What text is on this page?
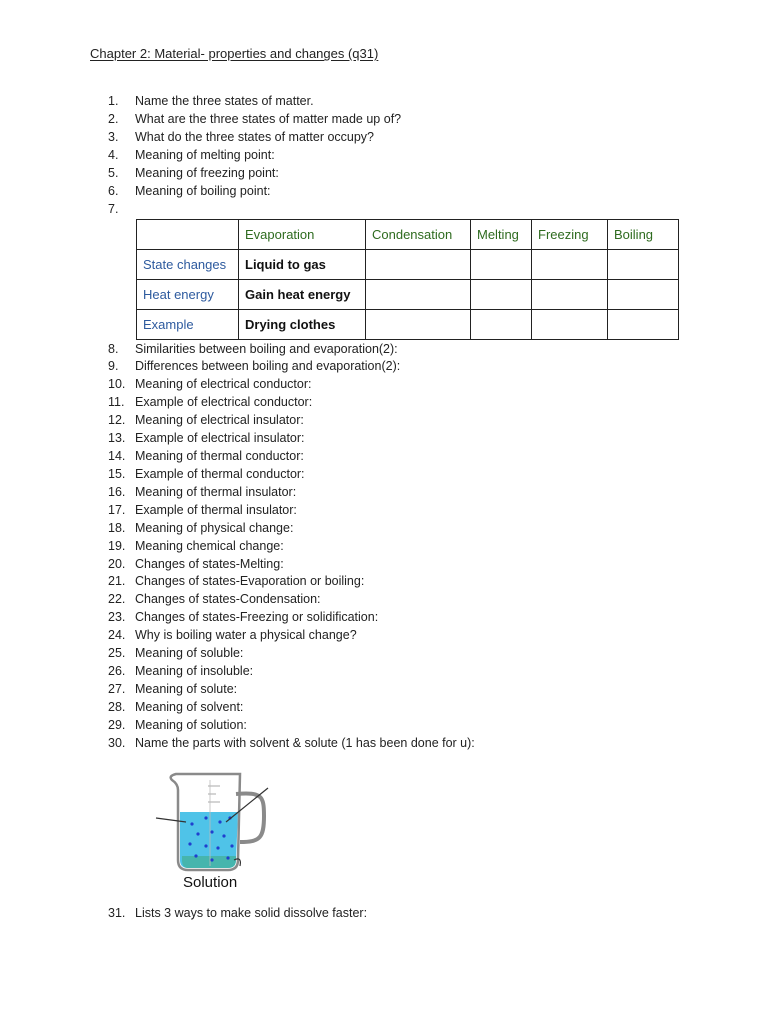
Chapter 2: Material- properties and changes (q31)
1. Name the three states of matter.
2. What are the three states of matter made up of?
3. What do the three states of matter occupy?
4. Meaning of melting point:
5. Meaning of freezing point:
6. Meaning of boiling point:
7.
	Evaporation	Condensation	Melting	Freezing	Boiling
State changes	Liquid to gas				
Heat energy	Gain heat energy				
Example	Drying clothes				
8. Similarities between boiling and evaporation(2):
9. Differences between boiling and evaporation(2):
10. Meaning of electrical conductor:
11. Example of electrical conductor:
12. Meaning of electrical insulator:
13. Example of electrical insulator:
14. Meaning of thermal conductor:
15. Example of thermal conductor:
16. Meaning of thermal insulator:
17. Example of thermal insulator:
18. Meaning of physical change:
19. Meaning chemical change:
20. Changes of states-Melting:
21. Changes of states-Evaporation or boiling:
22. Changes of states-Condensation:
23. Changes of states-Freezing or solidification:
24. Why is boiling water a physical change?
25. Meaning of soluble:
26. Meaning of insoluble:
27. Meaning of solute:
28. Meaning of solvent:
29. Meaning of solution:
30. Name the parts with solvent & solute (1 has been done for u):
Solution
31. Lists 3 ways to make solid dissolve faster:
